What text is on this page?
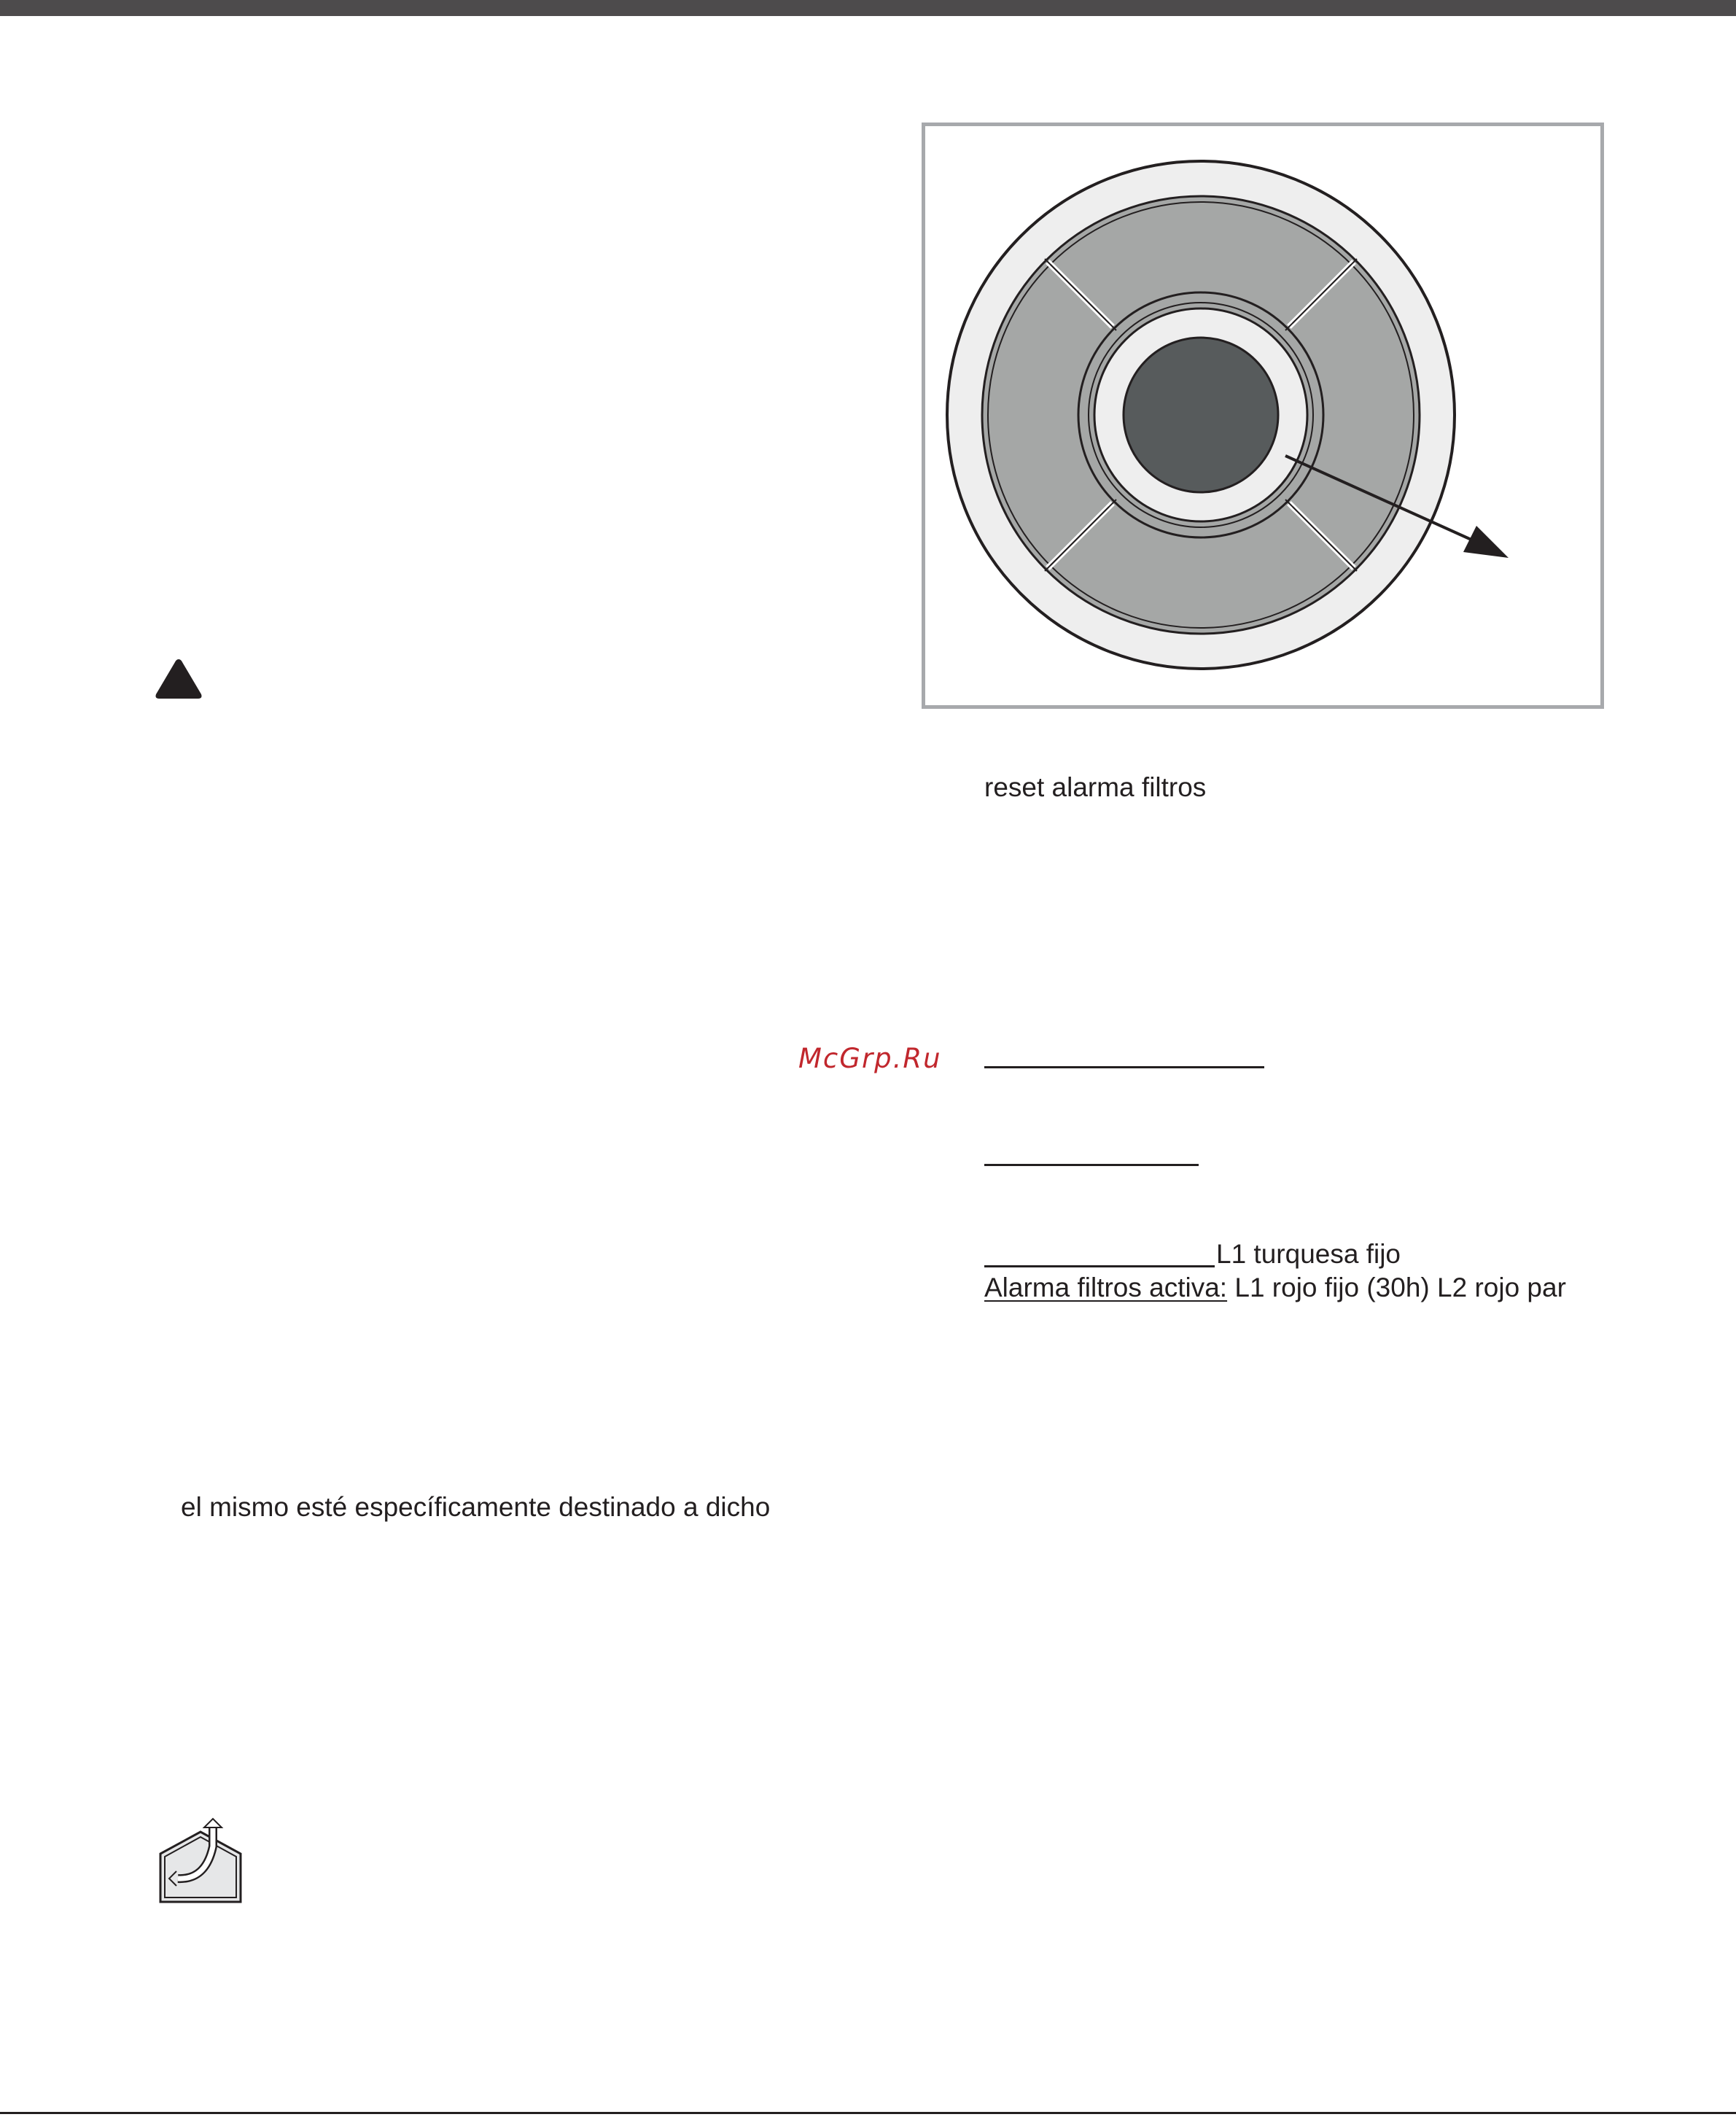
el mismo esté específicamente destinado a dicho

reset alarma filtros

McGrp.Ru

L1 turquesa fijo

Alarma filtros activa: L1 rojo fijo (30h) L2 rojo par
